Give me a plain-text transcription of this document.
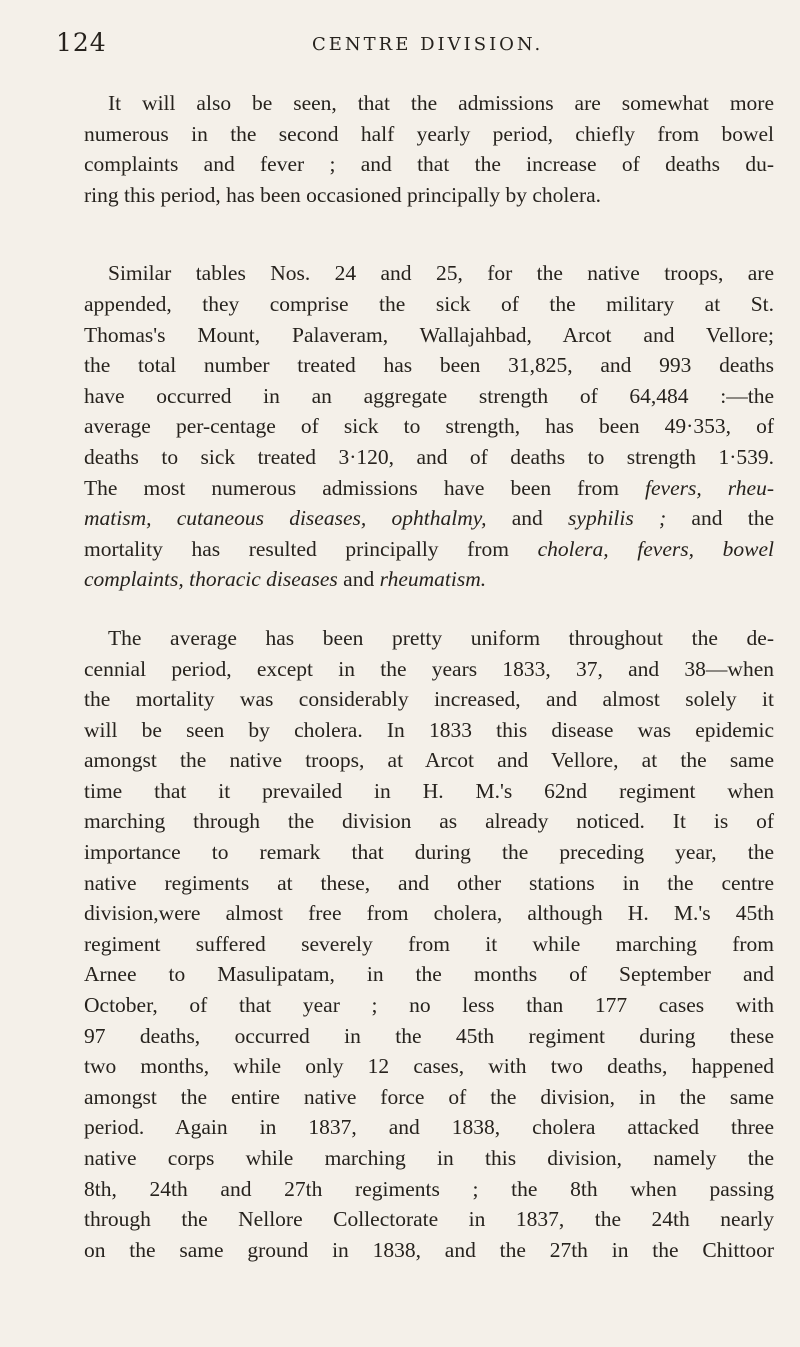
124	CENTRE DIVISION.
It will also be seen, that the admissions are somewhat more
numerous in the second half yearly period, chiefly from bowel
complaints and fever ; and that the increase of deaths du-
ring this period, has been occasioned principally by cholera.
Similar tables Nos. 24 and 25, for the native troops, are
appended, they comprise the sick of the military at St.
Thomas's Mount, Palaveram, Wallajahbad, Arcot and Vellore;
the total number treated has been 31,825, and 993 deaths
have occurred in an aggregate strength of 64,484 :—the
average per-centage of sick to strength, has been 49·353, of
deaths to sick treated 3·120, and of deaths to strength 1·539.
The most numerous admissions have been from fevers, rheu-
matism, cutaneous diseases, ophthalmy, and syphilis ; and the
mortality has resulted principally from cholera, fevers, bowel
complaints, thoracic diseases and rheumatism.
The average has been pretty uniform throughout the de-
cennial period, except in the years 1833, 37, and 38—when
the mortality was considerably increased, and almost solely it
will be seen by cholera. In 1833 this disease was epidemic
amongst the native troops, at Arcot and Vellore, at the same
time that it prevailed in H. M.'s 62nd regiment when
marching through the division as already noticed. It is of
importance to remark that during the preceding year, the
native regiments at these, and other stations in the centre
division,were almost free from cholera, although H. M.'s 45th
regiment suffered severely from it while marching from
Arnee to Masulipatam, in the months of September and
October, of that year ; no less than 177 cases with
97 deaths, occurred in the 45th regiment during these
two months, while only 12 cases, with two deaths, happened
amongst the entire native force of the division, in the same
period. Again in 1837, and 1838, cholera attacked three
native corps while marching in this division, namely the
8th, 24th and 27th regiments ; the 8th when passing
through the Nellore Collectorate in 1837, the 24th nearly
on the same ground in 1838, and the 27th in the Chittoor
